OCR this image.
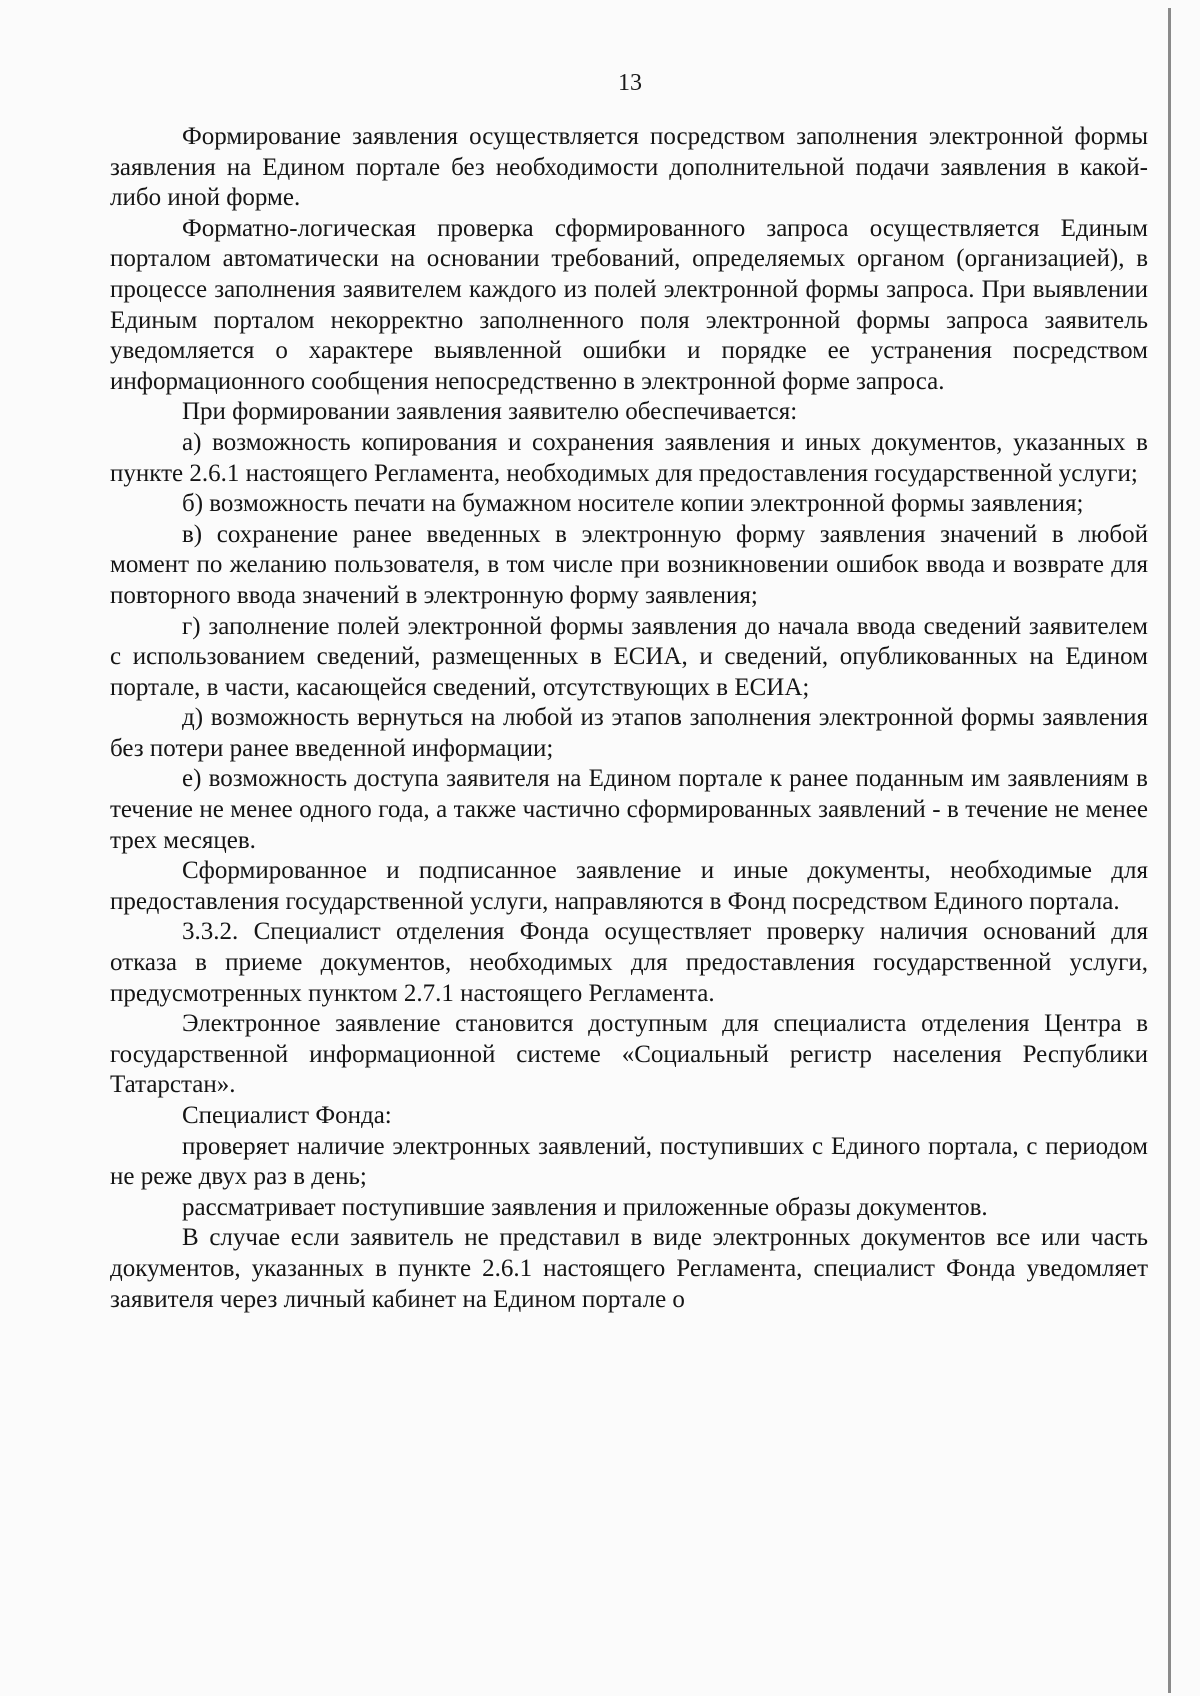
13

Формирование заявления осуществляется посредством заполнения электронной формы заявления на Едином портале без необходимости дополнительной подачи заявления в какой-либо иной форме.

Форматно-логическая проверка сформированного запроса осуществляется Единым порталом автоматически на основании требований, определяемых органом (организацией), в процессе заполнения заявителем каждого из полей электронной формы запроса. При выявлении Единым порталом некорректно заполненного поля электронной формы запроса заявитель уведомляется о характере выявленной ошибки и порядке ее устранения посредством информационного сообщения непосредственно в электронной форме запроса.

При формировании заявления заявителю обеспечивается:

а) возможность копирования и сохранения заявления и иных документов, указанных в пункте 2.6.1 настоящего Регламента, необходимых для предоставления государственной услуги;

б) возможность печати на бумажном носителе копии электронной формы заявления;

в) сохранение ранее введенных в электронную форму заявления значений в любой момент по желанию пользователя, в том числе при возникновении ошибок ввода и возврате для повторного ввода значений в электронную форму заявления;

г) заполнение полей электронной формы заявления до начала ввода сведений заявителем с использованием сведений, размещенных в ЕСИА, и сведений, опубликованных на Едином портале, в части, касающейся сведений, отсутствующих в ЕСИА;

д) возможность вернуться на любой из этапов заполнения электронной формы заявления без потери ранее введенной информации;

е) возможность доступа заявителя на Едином портале к ранее поданным им заявлениям в течение не менее одного года, а также частично сформированных заявлений - в течение не менее трех месяцев.

Сформированное и подписанное заявление и иные документы, необходимые для предоставления государственной услуги, направляются в Фонд посредством Единого портала.

3.3.2. Специалист отделения Фонда осуществляет проверку наличия оснований для отказа в приеме документов, необходимых для предоставления государственной услуги, предусмотренных пунктом 2.7.1 настоящего Регламента.

Электронное заявление становится доступным для специалиста отделения Центра в государственной информационной системе «Социальный регистр населения Республики Татарстан».

Специалист Фонда:

проверяет наличие электронных заявлений, поступивших с Единого портала, с периодом не реже двух раз в день;

рассматривает поступившие заявления и приложенные образы документов.

В случае если заявитель не представил в виде электронных документов все или часть документов, указанных в пункте 2.6.1 настоящего Регламента, специалист Фонда уведомляет заявителя через личный кабинет на Едином портале о
